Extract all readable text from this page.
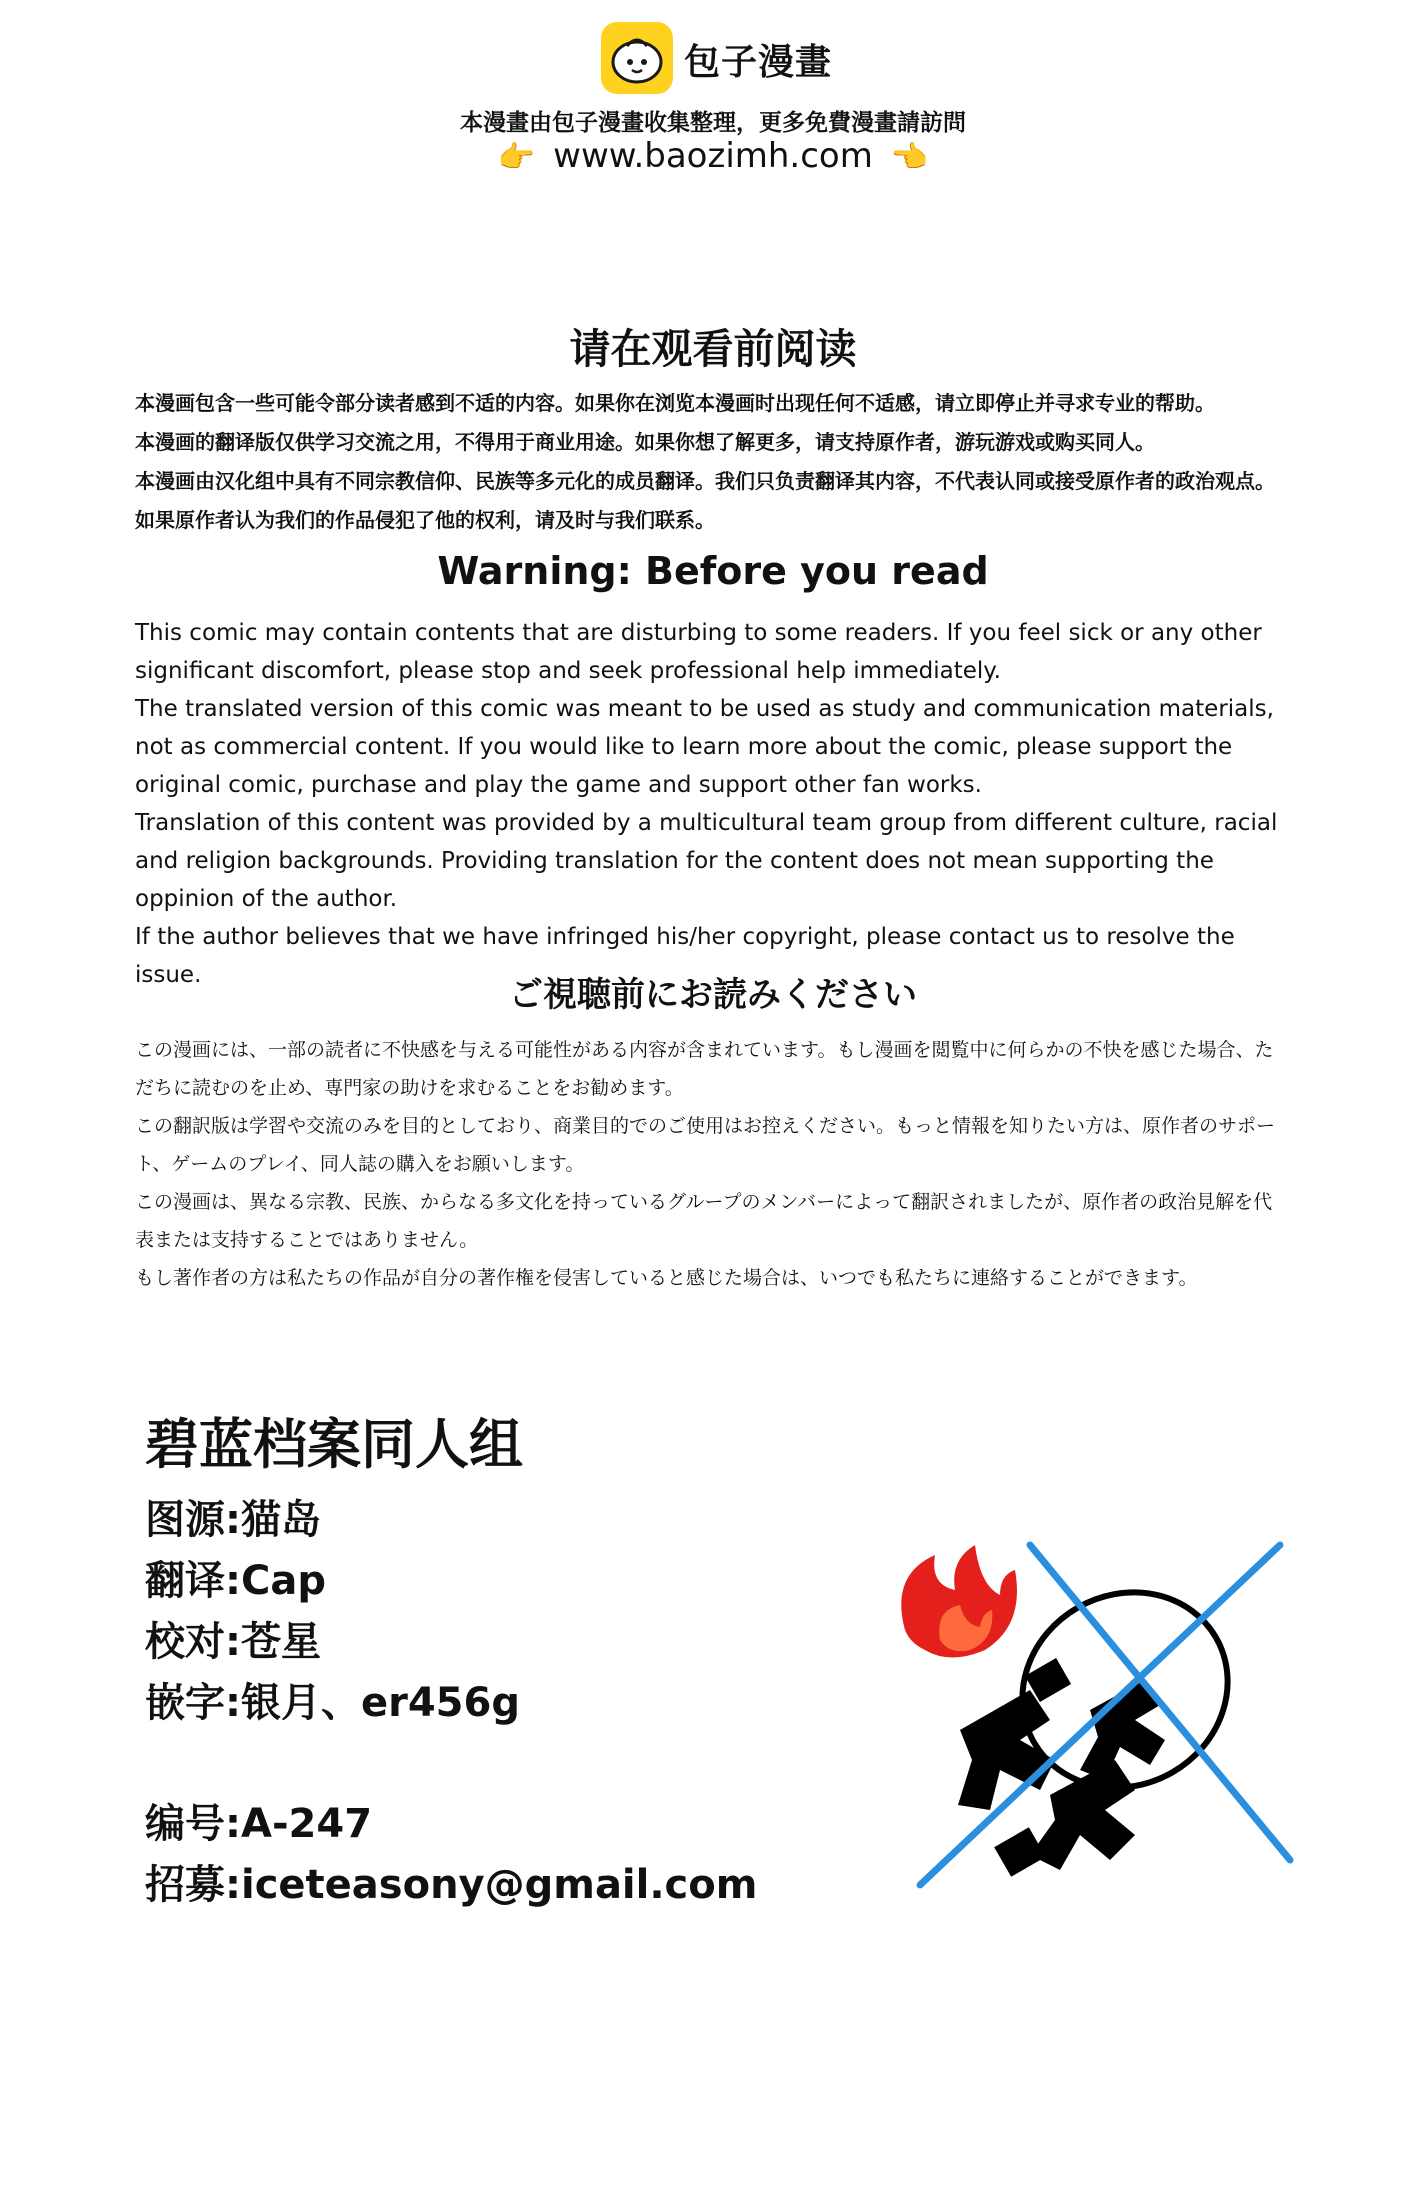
包子漫畫
本漫畫由包子漫畫收集整理，更多免費漫畫請訪問
👉 www.baozimh.com 👈
请在观看前阅读

本漫画包含一些可能令部分读者感到不适的内容。如果你在浏览本漫画时出现任何不适感，请立即停止并寻求专业的帮助。

本漫画的翻译版仅供学习交流之用，不得用于商业用途。如果你想了解更多，请支持原作者，游玩游戏或购买同人。

本漫画由汉化组中具有不同宗教信仰、民族等多元化的成员翻译。我们只负责翻译其内容，不代表认同或接受原作者的政治观点。

如果原作者认为我们的作品侵犯了他的权利，请及时与我们联系。

Warning: Before you read

This comic may contain contents that are disturbing to some readers. If you feel sick or any other significant discomfort, please stop and seek professional help immediately.

The translated version of this comic was meant to be used as study and communication materials, not as commercial content. If you would like to learn more about the comic, please support the original comic, purchase and play the game and support other fan works.

Translation of this content was provided by a multicultural team group from different culture, racial and religion backgrounds. Providing translation for the content does not mean supporting the oppinion of the author.

If the author believes that we have infringed his/her copyright, please contact us to resolve the issue.	ご視聴前にお読みください

この漫画には、一部の読者に不快感を与える可能性がある内容が含まれています。もし漫画を閲覧中に何らかの不快を感じた場合、ただちに読むのを止め、専門家の助けを求むることをお勧めます。

この翻訳版は学習や交流のみを目的としており、商業目的でのご使用はお控えください。もっと情報を知りたい方は、原作者のサポート、ゲームのプレイ、同人誌の購入をお願いします。

この漫画は、異なる宗教、民族、からなる多文化を持っているグループのメンバーによって翻訳されましたが、原作者の政治見解を代表または支持することではありません。

もし著作者の方は私たちの作品が自分の著作権を侵害していると感じた場合は、いつでも私たちに連絡することができます。

碧蓝档案同人组
图源:猫岛
翻译:Cap
校对:苍星
嵌字:银月、er456g
编号:A-247
招募:iceteasony@gmail.com
